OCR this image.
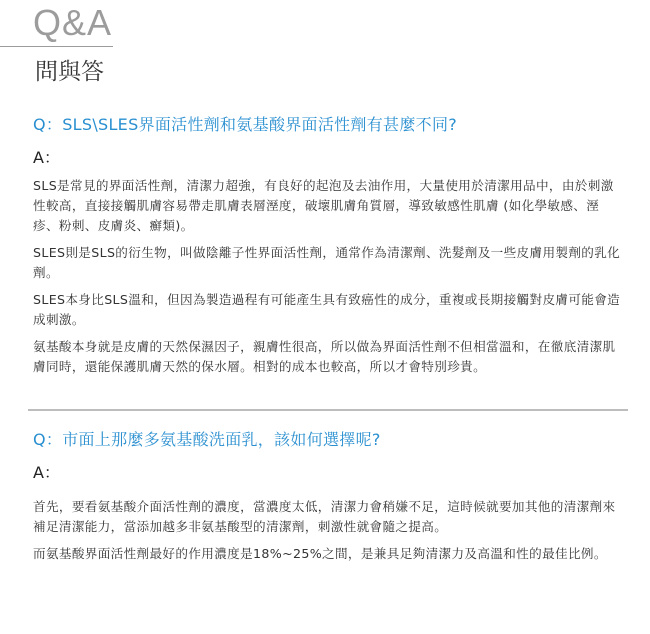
Q&A
問與答

Q：SLS\SLES界面活性劑和氨基酸界面活性劑有甚麼不同?

A：

SLS是常見的界面活性劑，清潔力超強，有良好的起泡及去油作用，大量使用於清潔用品中，由於刺激性較高，直接接觸肌膚容易帶走肌膚表層溼度，破壞肌膚角質層，導致敏感性肌膚 (如化學敏感、溼疹、粉刺、皮膚炎、癬類)。

SLES則是SLS的衍生物，叫做陰離子性界面活性劑，通常作為清潔劑、洗髮劑及一些皮膚用製劑的乳化劑。

SLES本身比SLS溫和，但因為製造過程有可能產生具有致癌性的成分，重複或長期接觸對皮膚可能會造成刺激。

氨基酸本身就是皮膚的天然保濕因子，親膚性很高，所以做為界面活性劑不但相當溫和，在徹底清潔肌膚同時，還能保護肌膚天然的保水層。相對的成本也較高，所以才會特別珍貴。

Q：市面上那麼多氨基酸洗面乳，該如何選擇呢?

A：

首先，要看氨基酸介面活性劑的濃度，當濃度太低，清潔力會稍嫌不足，這時候就要加其他的清潔劑來補足清潔能力，當添加越多非氨基酸型的清潔劑，刺激性就會隨之提高。

而氨基酸界面活性劑最好的作用濃度是18%~25%之間，是兼具足夠清潔力及高溫和性的最佳比例。
